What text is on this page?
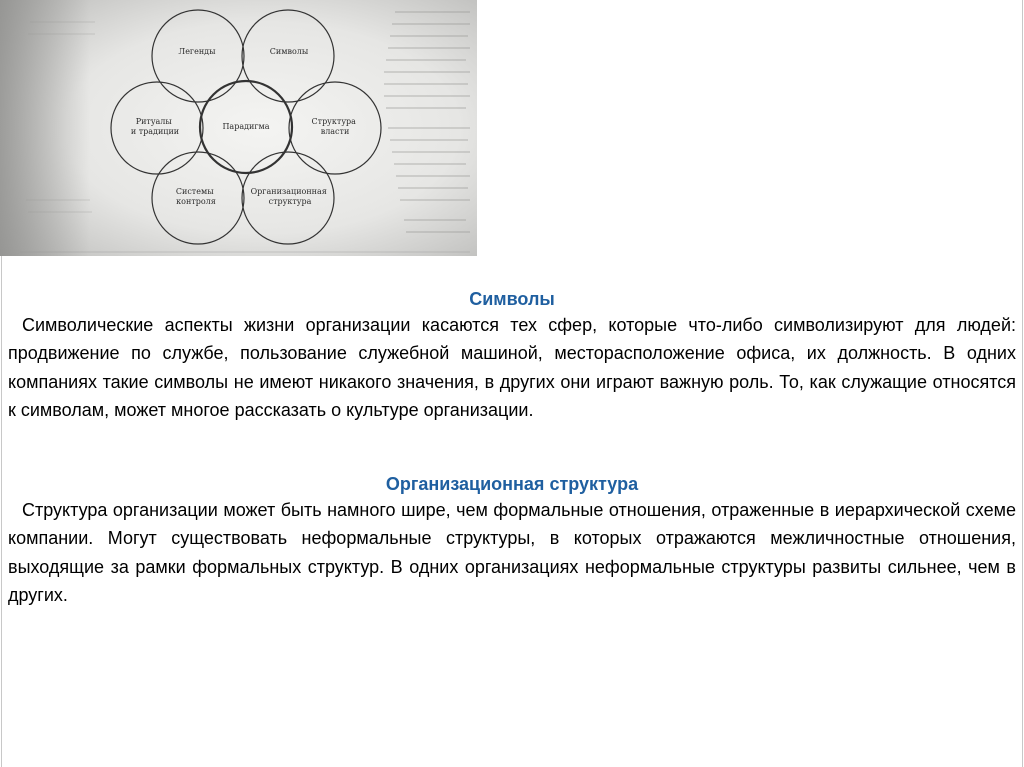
Легенды	Символы
Ритуалы и традиции
Парадигма
Структура власти
Системы контроля
Организационная структура
Символы

Символические аспекты жизни организации касаются тех сфер, которые что-либо символизируют для людей: продвижение по службе, пользование служебной машиной, месторасположение офиса, их должность. В одних компаниях такие символы не имеют никакого значения, в других они играют важную роль. То, как служащие относятся к символам, может многое рассказать о культуре организации.

Организационная структура

Структура организации может быть намного шире, чем формальные отношения, отраженные в иерархической схеме компании. Могут существовать неформальные структуры, в которых отражаются межличностные отношения, выходящие за рамки формальных структур. В одних организациях неформальные структуры развиты сильнее, чем в других.
